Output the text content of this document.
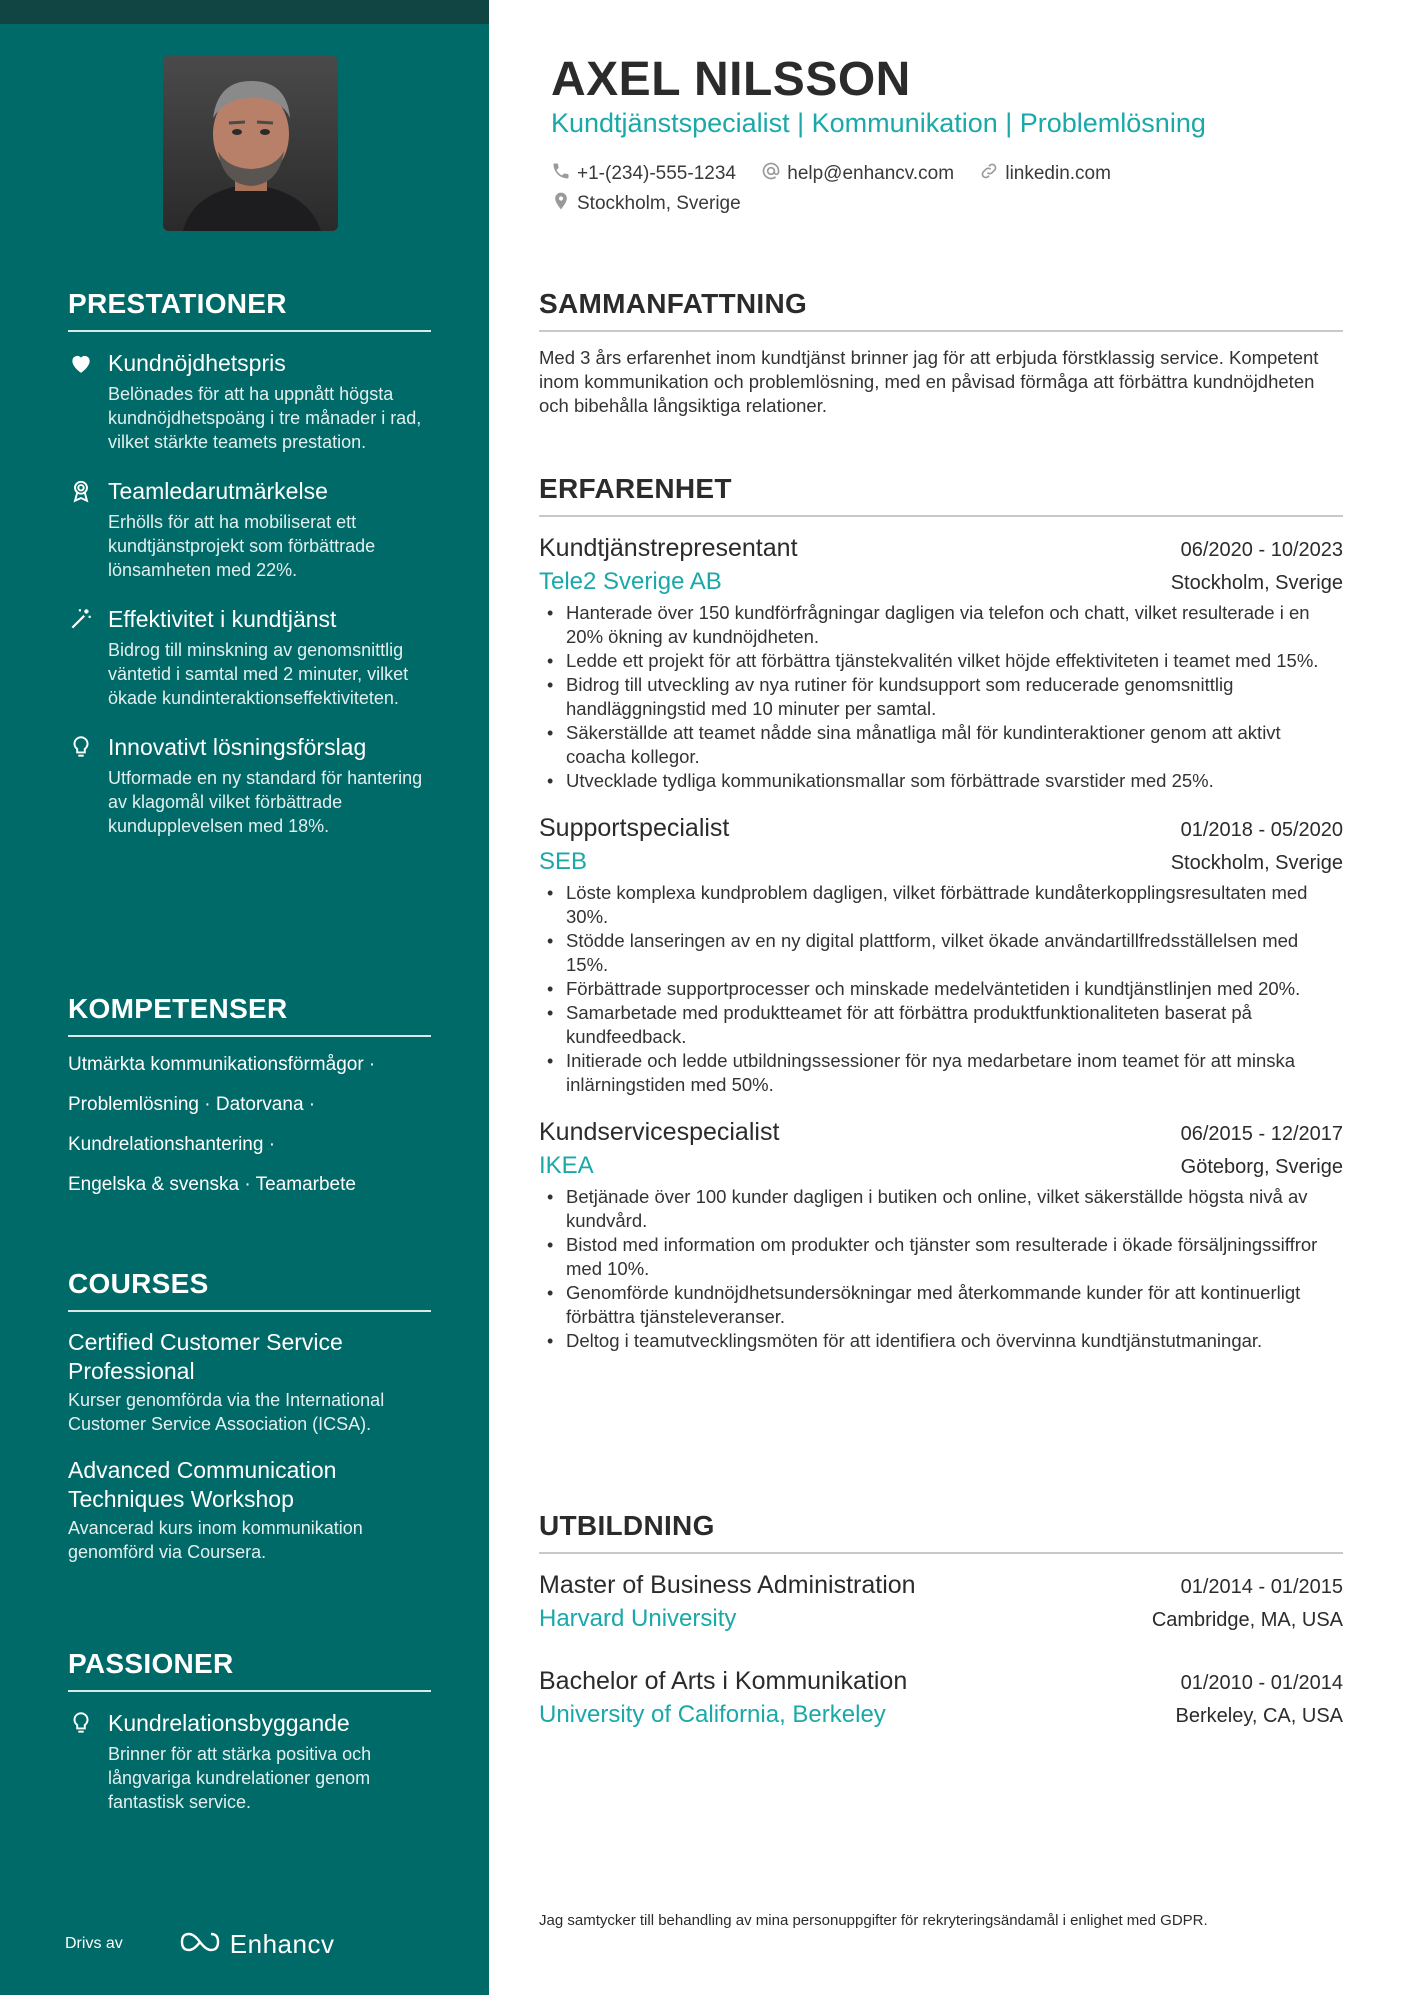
PRESTATIONER
Kundnöjdhetspris
Belönades för att ha uppnått högsta kundnöjdhetspoäng i tre månader i rad, vilket stärkte teamets prestation.
Teamledarutmärkelse
Erhölls för att ha mobiliserat ett kundtjänstprojekt som förbättrade lönsamheten med 22%.
Effektivitet i kundtjänst
Bidrog till minskning av genomsnittlig väntetid i samtal med 2 minuter, vilket ökade kundinteraktionseffektiviteten.
Innovativt lösningsförslag
Utformade en ny standard för hantering av klagomål vilket förbättrade kundupplevelsen med 18%.
KOMPETENSER
Utmärkta kommunikationsförmågor ·
Problemlösning · Datorvana ·
Kundrelationshantering ·
Engelska & svenska · Teamarbete
COURSES
Certified Customer Service Professional
Kurser genomförda via the International Customer Service Association (ICSA).
Advanced Communication Techniques Workshop
Avancerad kurs inom kommunikation genomförd via Coursera.
PASSIONER
Kundrelationsbyggande
Brinner för att stärka positiva och långvariga kundrelationer genom fantastisk service.
Drivs av	Enhancv
AXEL NILSSON
Kundtjänstspecialist | Kommunikation | Problemlösning
+1-(234)-555-1234
	help@enhancv.com
	linkedin.com
Stockholm, Sverige
SAMMANFATTNING

Med 3 års erfarenhet inom kundtjänst brinner jag för att erbjuda förstklassig service. Kompetent inom kommunikation och problemlösning, med en påvisad förmåga att förbättra kundnöjdheten och bibehålla långsiktiga relationer.

ERFARENHET
Kundtjänstrepresentant	06/2020 - 10/2023
Tele2 Sverige AB	Stockholm, Sverige
• Hanterade över 150 kundförfrågningar dagligen via telefon och chatt, vilket resulterade i en 20% ökning av kundnöjdheten.
• Ledde ett projekt för att förbättra tjänstekvalitén vilket höjde effektiviteten i teamet med 15%.
• Bidrog till utveckling av nya rutiner för kundsupport som reducerade genomsnittlig handläggningstid med 10 minuter per samtal.
• Säkerställde att teamet nådde sina månatliga mål för kundinteraktioner genom att aktivt coacha kollegor.
• Utvecklade tydliga kommunikationsmallar som förbättrade svarstider med 25%.
Supportspecialist	01/2018 - 05/2020
SEB	Stockholm, Sverige
• Löste komplexa kundproblem dagligen, vilket förbättrade kundåterkopplingsresultaten med 30%.
• Stödde lanseringen av en ny digital plattform, vilket ökade användartillfredsställelsen med 15%.
• Förbättrade supportprocesser och minskade medelväntetiden i kundtjänstlinjen med 20%.
• Samarbetade med produktteamet för att förbättra produktfunktionaliteten baserat på kundfeedback.
• Initierade och ledde utbildningssessioner för nya medarbetare inom teamet för att minska inlärningstiden med 50%.
Kundservicespecialist	06/2015 - 12/2017
IKEA	Göteborg, Sverige
• Betjänade över 100 kunder dagligen i butiken och online, vilket säkerställde högsta nivå av kundvård.
• Bistod med information om produkter och tjänster som resulterade i ökade försäljningssiffror med 10%.
• Genomförde kundnöjdhetsundersökningar med återkommande kunder för att kontinuerligt förbättra tjänsteleveranser.
• Deltog i teamutvecklingsmöten för att identifiera och övervinna kundtjänstutmaningar.
UTBILDNING
Master of Business Administration	01/2014 - 01/2015
Harvard University	Cambridge, MA, USA
Bachelor of Arts i Kommunikation	01/2010 - 01/2014
University of California, Berkeley	Berkeley, CA, USA
Jag samtycker till behandling av mina personuppgifter för rekryteringsändamål i enlighet med GDPR.
